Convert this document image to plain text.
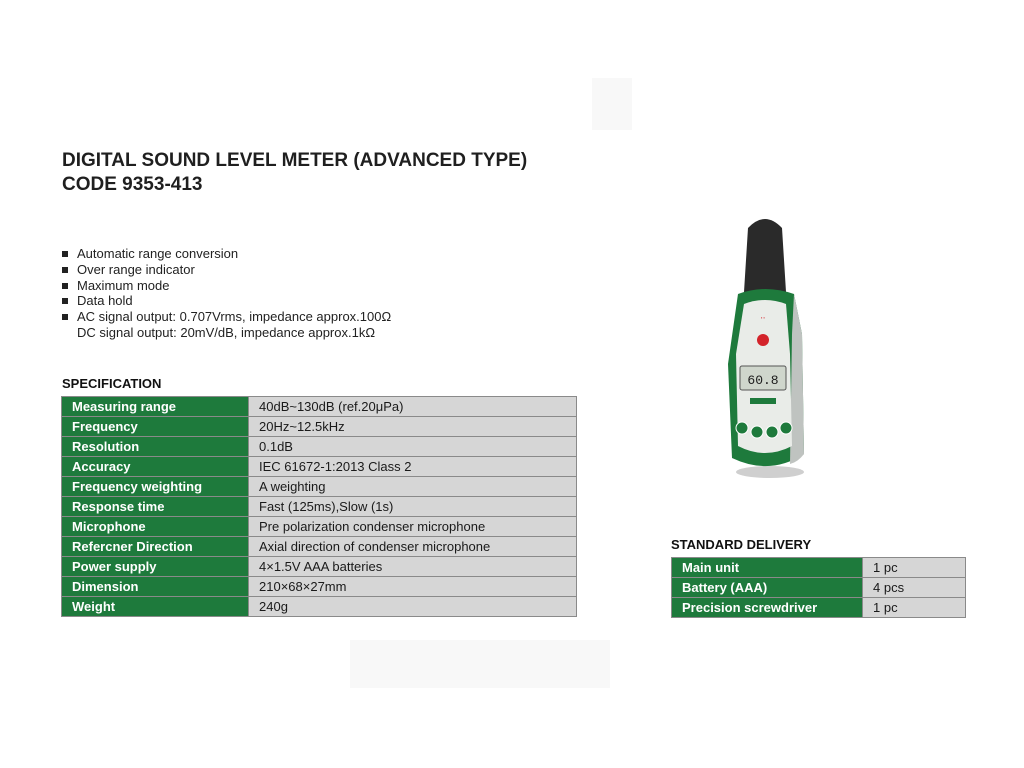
DIGITAL SOUND LEVEL METER (ADVANCED TYPE)
CODE 9353-413
Automatic range conversion
Over range indicator
Maximum mode
Data hold
AC signal output: 0.707Vrms, impedance approx.100Ω
DC signal output: 20mV/dB, impedance approx.1kΩ
SPECIFICATION
Measuring range	40dB~130dB (ref.20μPa)
Frequency	20Hz~12.5kHz
Resolution	0.1dB
Accuracy	IEC 61672-1:2013 Class 2
Frequency weighting	A weighting
Response time	Fast (125ms),Slow (1s)
Microphone	Pre polarization condenser microphone
Refercner Direction	Axial direction of condenser microphone
Power supply	4×1.5V AAA batteries
Dimension	210×68×27mm
Weight	240g
STANDARD DELIVERY
Main unit	1 pc
Battery (AAA)	4 pcs
Precision screwdriver	1 pc
▪ ▪
60.8
